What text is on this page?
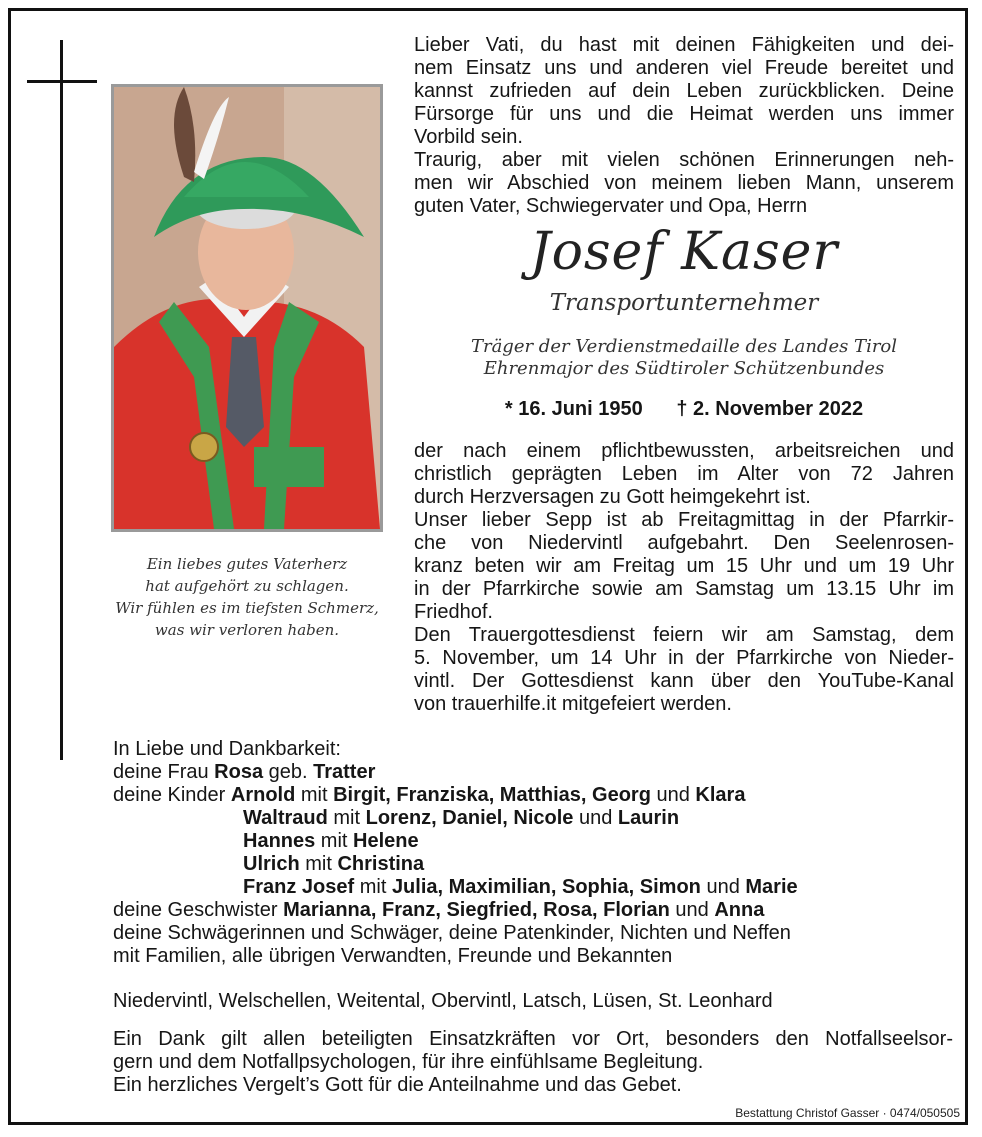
Ein liebes gutes Vaterherz
hat aufgehört zu schlagen.
Wir fühlen es im tiefsten Schmerz,
was wir verloren haben.
Lieber Vati, du hast mit deinen Fähigkeiten und dei-
nem Einsatz uns und anderen viel Freude bereitet und
kannst zufrieden auf dein Leben zurückblicken. Deine
Fürsorge für uns und die Heimat werden uns immer
Vorbild sein.
Traurig, aber mit vielen schönen Erinnerungen neh-
men wir Abschied von meinem lieben Mann, unserem
guten Vater, Schwiegervater und Opa, Herrn
Josef Kaser
Transportunternehmer
Träger der Verdienstmedaille des Landes Tirol
Ehrenmajor des Südtiroler Schützenbundes
* 16. Juni 1950 † 2. November 2022
der nach einem pflichtbewussten, arbeitsreichen und
christlich geprägten Leben im Alter von 72 Jahren
durch Herzversagen zu Gott heimgekehrt ist.
Unser lieber Sepp ist ab Freitagmittag in der Pfarrkir-
che von Niedervintl aufgebahrt. Den Seelenrosen-
kranz beten wir am Freitag um 15 Uhr und um 19 Uhr
in der Pfarrkirche sowie am Samstag um 13.15 Uhr im
Friedhof.
Den Trauergottesdienst feiern wir am Samstag, dem
5. November, um 14 Uhr in der Pfarrkirche von Nieder-
vintl. Der Gottesdienst kann über den YouTube-Kanal
von trauerhilfe.it mitgefeiert werden.
In Liebe und Dankbarkeit:
deine Frau Rosa geb. Tratter
deine Kinder Arnold mit Birgit, Franziska, Matthias, Georg und Klara
Waltraud mit Lorenz, Daniel, Nicole und Laurin
Hannes mit Helene
Ulrich mit Christina
Franz Josef mit Julia, Maximilian, Sophia, Simon und Marie
deine Geschwister Marianna, Franz, Siegfried, Rosa, Florian und Anna
deine Schwägerinnen und Schwäger, deine Patenkinder, Nichten und Neffen
mit Familien, alle übrigen Verwandten, Freunde und Bekannten
Niedervintl, Welschellen, Weitental, Obervintl, Latsch, Lüsen, St. Leonhard
Ein Dank gilt allen beteiligten Einsatzkräften vor Ort, besonders den Notfallseelsor-
gern und dem Notfallpsychologen, für ihre einfühlsame Begleitung.
Ein herzliches Vergelt’s Gott für die Anteilnahme und das Gebet.
Bestattung Christof Gasser · 0474/050505
